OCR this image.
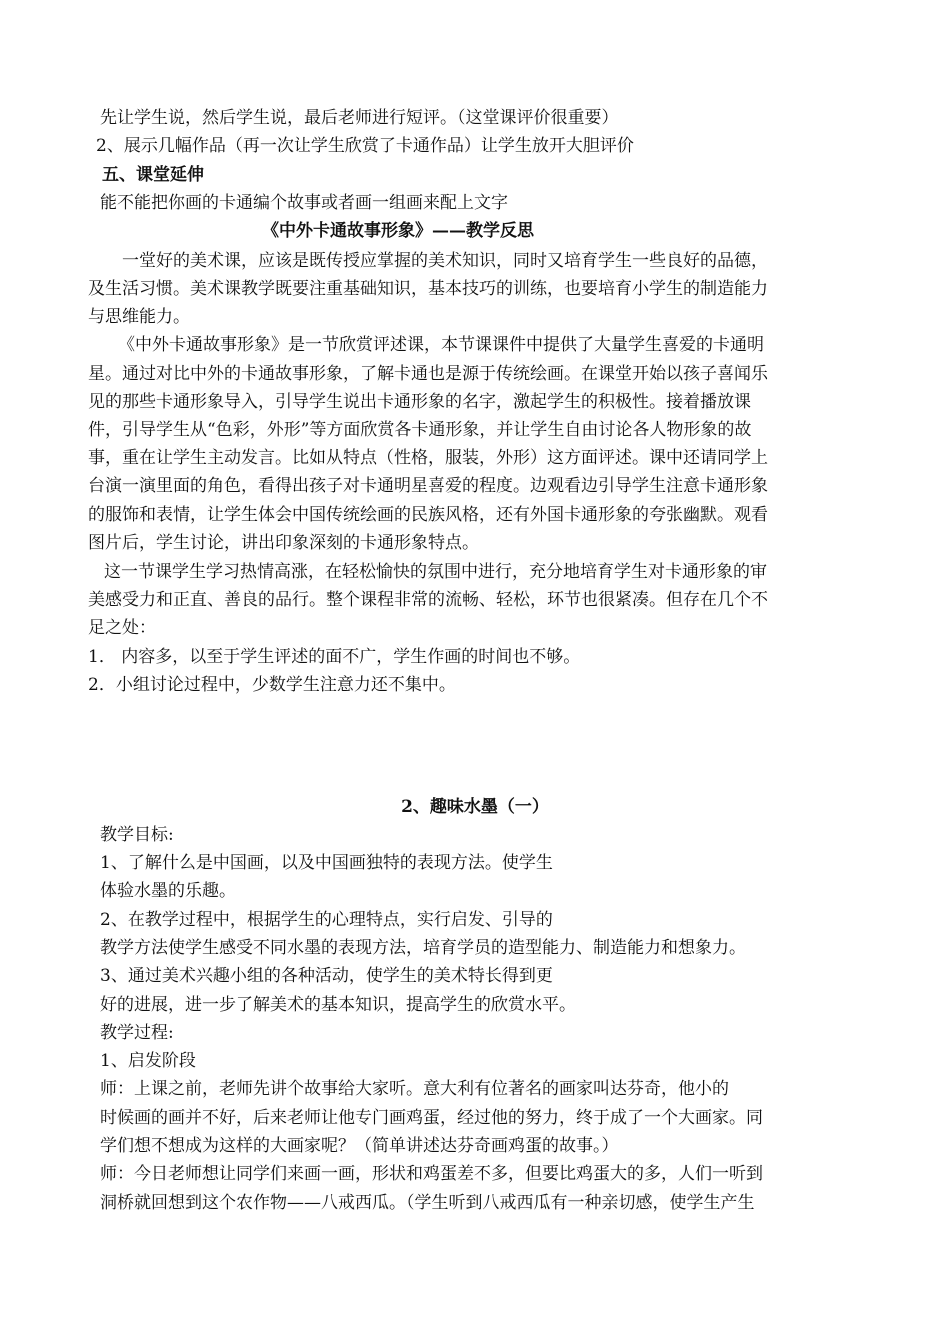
先让学生说，然后学生说，最后老师进行短评。（这堂课评价很重要）
2、展示几幅作品（再一次让学生欣赏了卡通作品）让学生放开大胆评价
五、课堂延伸
能不能把你画的卡通编个故事或者画一组画来配上文字
《中外卡通故事形象》——教学反思
一堂好的美术课，应该是既传授应掌握的美术知识，同时又培育学生一些良好的品德，
及生活习惯。美术课教学既要注重基础知识，基本技巧的训练，也要培育小学生的制造能力
与思维能力。
《中外卡通故事形象》是一节欣赏评述课，本节课课件中提供了大量学生喜爱的卡通明
星。通过对比中外的卡通故事形象，了解卡通也是源于传统绘画。在课堂开始以孩子喜闻乐
见的那些卡通形象导入，引导学生说出卡通形象的名字，激起学生的积极性。接着播放课
件，引导学生从“色彩，外形”等方面欣赏各卡通形象，并让学生自由讨论各人物形象的故
事，重在让学生主动发言。比如从特点（性格，服装，外形）这方面评述。课中还请同学上
台演一演里面的角色，看得出孩子对卡通明星喜爱的程度。边观看边引导学生注意卡通形象
的服饰和表情，让学生体会中国传统绘画的民族风格，还有外国卡通形象的夸张幽默。观看
图片后，学生讨论，讲出印象深刻的卡通形象特点。
这一节课学生学习热情高涨，在轻松愉快的氛围中进行，充分地培育学生对卡通形象的审
美感受力和正直、善良的品行。整个课程非常的流畅、轻松，环节也很紧凑。但存在几个不
足之处：
1． 内容多，以至于学生评述的面不广，学生作画的时间也不够。
2．小组讨论过程中，少数学生注意力还不集中。
2、趣味水墨（一）
教学目标:
1、了解什么是中国画，以及中国画独特的表现方法。使学生
体验水墨的乐趣。
2、在教学过程中，根据学生的心理特点，实行启发、引导的
教学方法使学生感受不同水墨的表现方法，培育学员的造型能力、制造能力和想象力。
3、通过美术兴趣小组的各种活动，使学生的美术特长得到更
好的进展，进一步了解美术的基本知识，提高学生的欣赏水平。
教学过程:
1、启发阶段
师：上课之前，老师先讲个故事给大家听。意大利有位著名的画家叫达芬奇，他小的
时候画的画并不好，后来老师让他专门画鸡蛋，经过他的努力，终于成了一个大画家。同
学们想不想成为这样的大画家呢？（简单讲述达芬奇画鸡蛋的故事。）
师：今日老师想让同学们来画一画，形状和鸡蛋差不多，但要比鸡蛋大的多，人们一听到
洞桥就回想到这个农作物——八戒西瓜。（学生听到八戒西瓜有一种亲切感，使学生产生
